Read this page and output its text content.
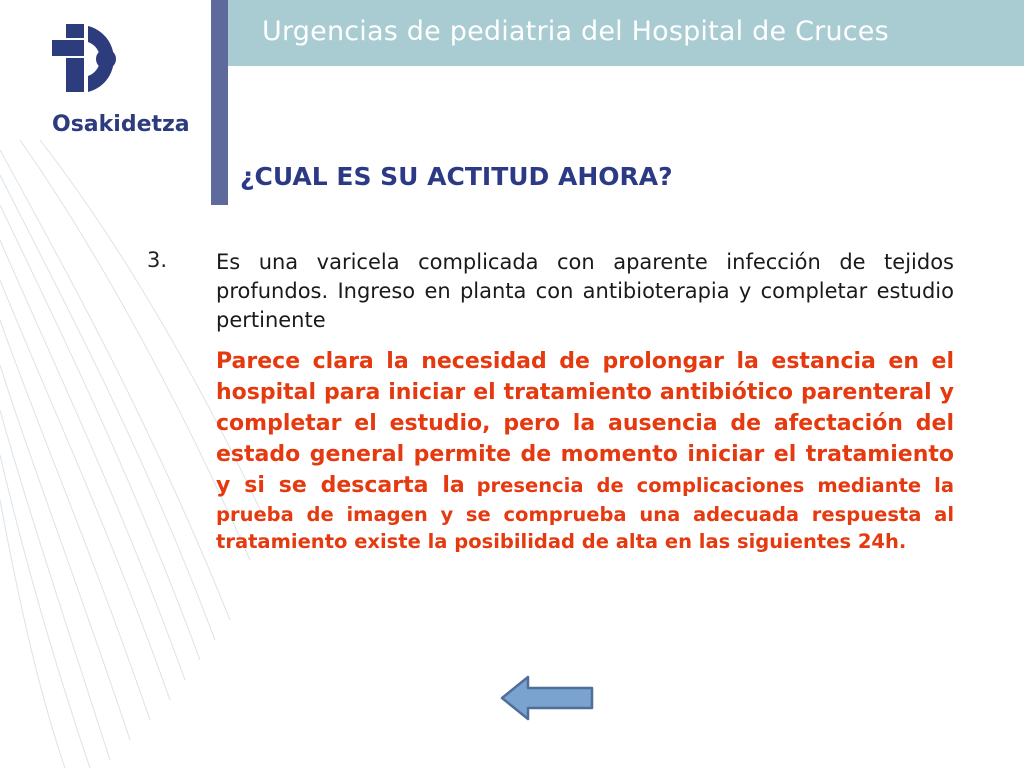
Urgencias de pediatria del Hospital de Cruces
Osakidetza
¿CUAL ES SU ACTITUD AHORA?
3. Es una varicela complicada con aparente infección de tejidos profundos. Ingreso en planta con antibioterapia y completar estudio pertinente

Parece clara la necesidad de prolongar la estancia en el hospital para iniciar el tratamiento antibiótico parenteral y completar el estudio, pero la ausencia de afectación del estado general permite de momento iniciar el tratamiento y si se descarta la presencia de complicaciones mediante la prueba de imagen y se comprueba una adecuada respuesta al tratamiento existe la posibilidad de alta en las siguientes 24h.
